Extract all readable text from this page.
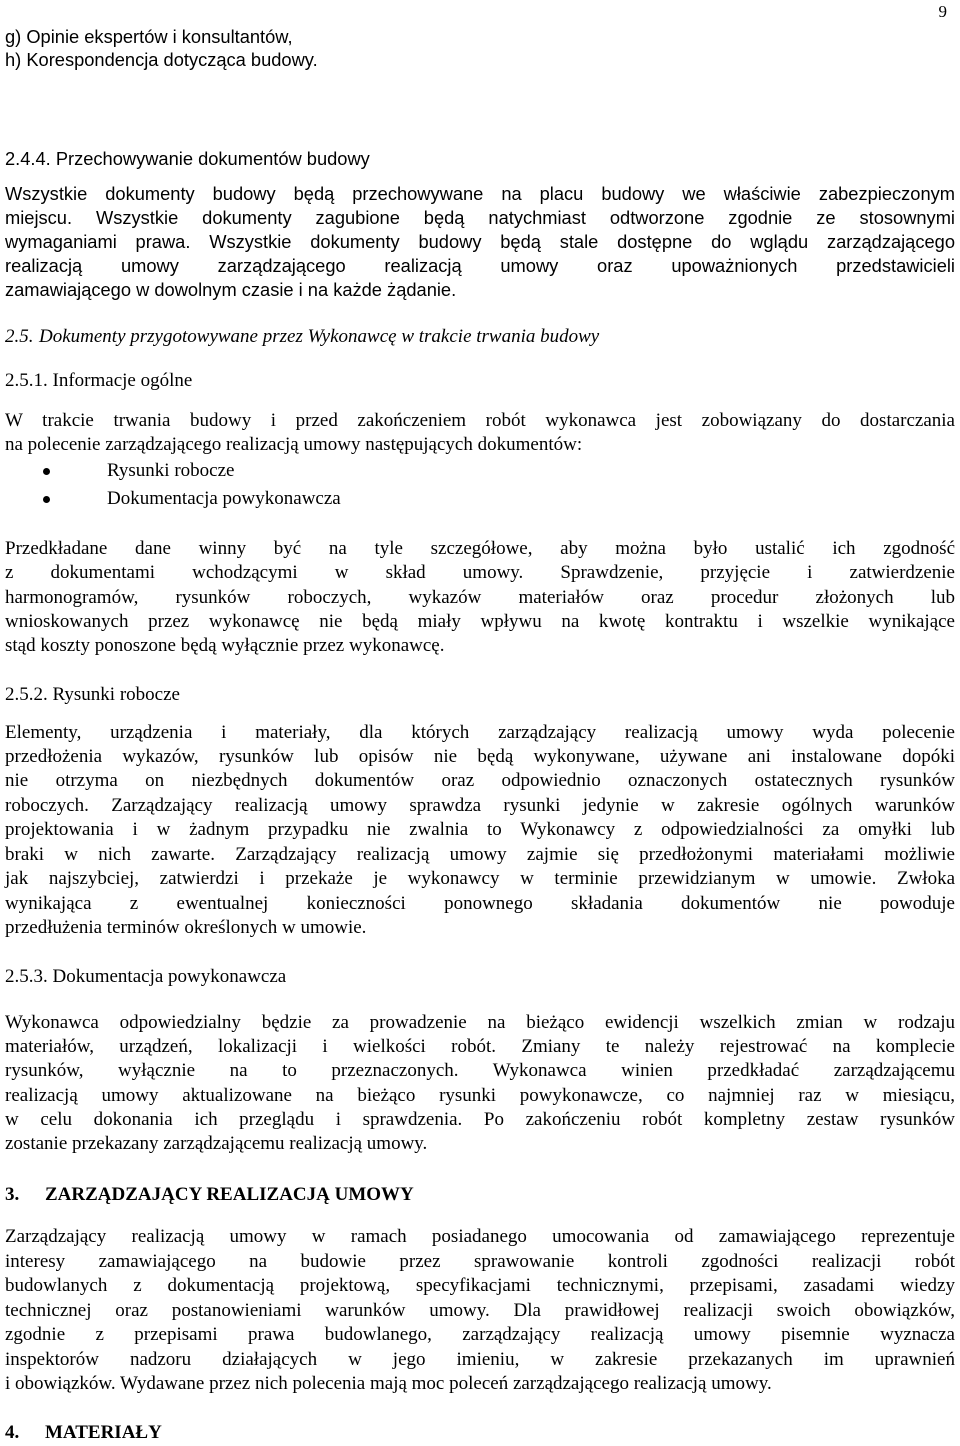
9
g) Opinie ekspertów i konsultantów,
h) Korespondencja dotycząca budowy.
2.4.4. Przechowywanie dokumentów budowy
Wszystkie dokumenty budowy będą przechowywane na placu budowy we właściwie zabezpieczonym
miejscu. Wszystkie dokumenty zagubione będą natychmiast odtworzone zgodnie ze stosownymi
wymaganiami prawa. Wszystkie dokumenty budowy będą stale dostępne do wglądu zarządzającego
realizacją umowy zarządzającego realizacją umowy oraz upoważnionych przedstawicieli
zamawiającego w dowolnym czasie i na każde żądanie.
2.5. Dokumenty przygotowywane przez Wykonawcę w trakcie trwania budowy
2.5.1. Informacje ogólne
W trakcie trwania budowy i przed zakończeniem robót wykonawca jest zobowiązany do dostarczania
na polecenie zarządzającego realizacją umowy następujących dokumentów:
Rysunki robocze
Dokumentacja powykonawcza
Przedkładane dane winny być na tyle szczegółowe, aby można było ustalić ich zgodność
z dokumentami wchodzącymi w skład umowy. Sprawdzenie, przyjęcie i zatwierdzenie
harmonogramów, rysunków roboczych, wykazów materiałów oraz procedur złożonych lub
wnioskowanych przez wykonawcę nie będą miały wpływu na kwotę kontraktu i wszelkie wynikające
stąd koszty ponoszone będą wyłącznie przez wykonawcę.
2.5.2. Rysunki robocze
Elementy, urządzenia i materiały, dla których zarządzający realizacją umowy wyda polecenie
przedłożenia wykazów, rysunków lub opisów nie będą wykonywane, używane ani instalowane dopóki
nie otrzyma on niezbędnych dokumentów oraz odpowiednio oznaczonych ostatecznych rysunków
roboczych. Zarządzający realizacją umowy sprawdza rysunki jedynie w zakresie ogólnych warunków
projektowania i w żadnym przypadku nie zwalnia to Wykonawcy z odpowiedzialności za omyłki lub
braki w nich zawarte. Zarządzający realizacją umowy zajmie się przedłożonymi materiałami możliwie
jak najszybciej, zatwierdzi i przekaże je wykonawcy w terminie przewidzianym w umowie. Zwłoka
wynikająca z ewentualnej konieczności ponownego składania dokumentów nie powoduje
przedłużenia terminów określonych w umowie.
2.5.3. Dokumentacja powykonawcza
Wykonawca odpowiedzialny będzie za prowadzenie na bieżąco ewidencji wszelkich zmian w rodzaju
materiałów, urządzeń, lokalizacji i wielkości robót. Zmiany te należy rejestrować na komplecie
rysunków, wyłącznie na to przeznaczonych. Wykonawca winien przedkładać zarządzającemu
realizacją umowy aktualizowane na bieżąco rysunki powykonawcze, co najmniej raz w miesiącu,
w celu dokonania ich przeglądu i sprawdzenia. Po zakończeniu robót kompletny zestaw rysunków
zostanie przekazany zarządzającemu realizacją umowy.
3. ZARZĄDZAJĄCY REALIZACJĄ UMOWY
Zarządzający realizacją umowy w ramach posiadanego umocowania od zamawiającego reprezentuje
interesy zamawiającego na budowie przez sprawowanie kontroli zgodności realizacji robót
budowlanych z dokumentacją projektową, specyfikacjami technicznymi, przepisami, zasadami wiedzy
technicznej oraz postanowieniami warunków umowy. Dla prawidłowej realizacji swoich obowiązków,
zgodnie z przepisami prawa budowlanego, zarządzający realizacją umowy pisemnie wyznacza
inspektorów nadzoru działających w jego imieniu, w zakresie przekazanych im uprawnień
i obowiązków. Wydawane przez nich polecenia mają moc poleceń zarządzającego realizacją umowy.
4. MATERIAŁY
